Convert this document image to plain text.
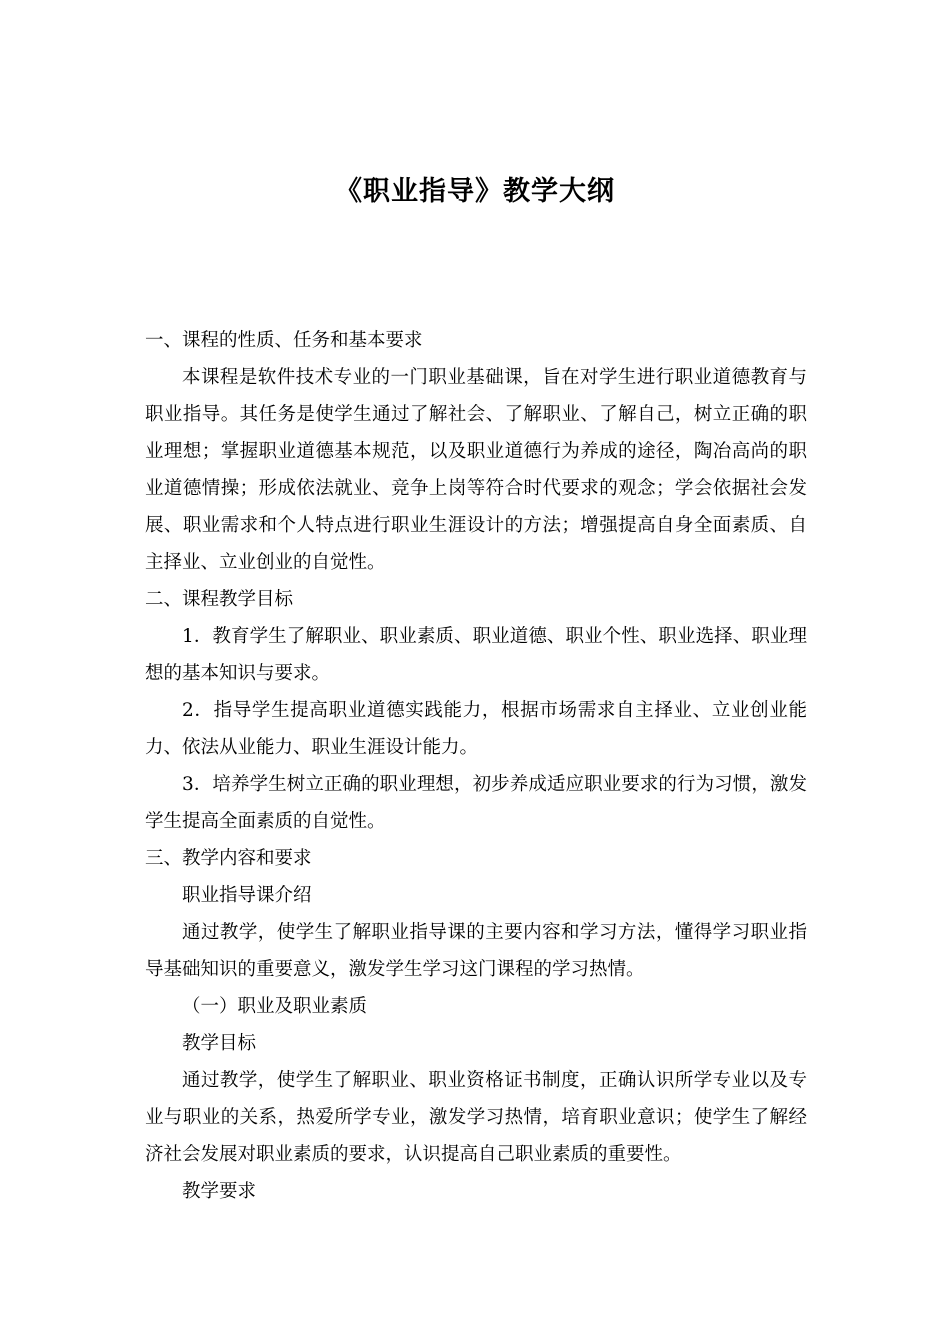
《职业指导》教学大纲

一、课程的性质、任务和基本要求

本课程是软件技术专业的一门职业基础课，旨在对学生进行职业道德教育与职业指导。其任务是使学生通过了解社会、了解职业、了解自己，树立正确的职业理想；掌握职业道德基本规范，以及职业道德行为养成的途径，陶冶高尚的职业道德情操；形成依法就业、竞争上岗等符合时代要求的观念；学会依据社会发展、职业需求和个人特点进行职业生涯设计的方法；增强提高自身全面素质、自主择业、立业创业的自觉性。

二、课程教学目标

1．教育学生了解职业、职业素质、职业道德、职业个性、职业选择、职业理想的基本知识与要求。

2．指导学生提高职业道德实践能力，根据市场需求自主择业、立业创业能力、依法从业能力、职业生涯设计能力。

3．培养学生树立正确的职业理想，初步养成适应职业要求的行为习惯，激发学生提高全面素质的自觉性。

三、教学内容和要求

职业指导课介绍

通过教学，使学生了解职业指导课的主要内容和学习方法，懂得学习职业指导基础知识的重要意义，激发学生学习这门课程的学习热情。

（一）职业及职业素质

教学目标

通过教学，使学生了解职业、职业资格证书制度，正确认识所学专业以及专业与职业的关系，热爱所学专业，激发学习热情，培育职业意识；使学生了解经济社会发展对职业素质的要求，认识提高自己职业素质的重要性。

教学要求
